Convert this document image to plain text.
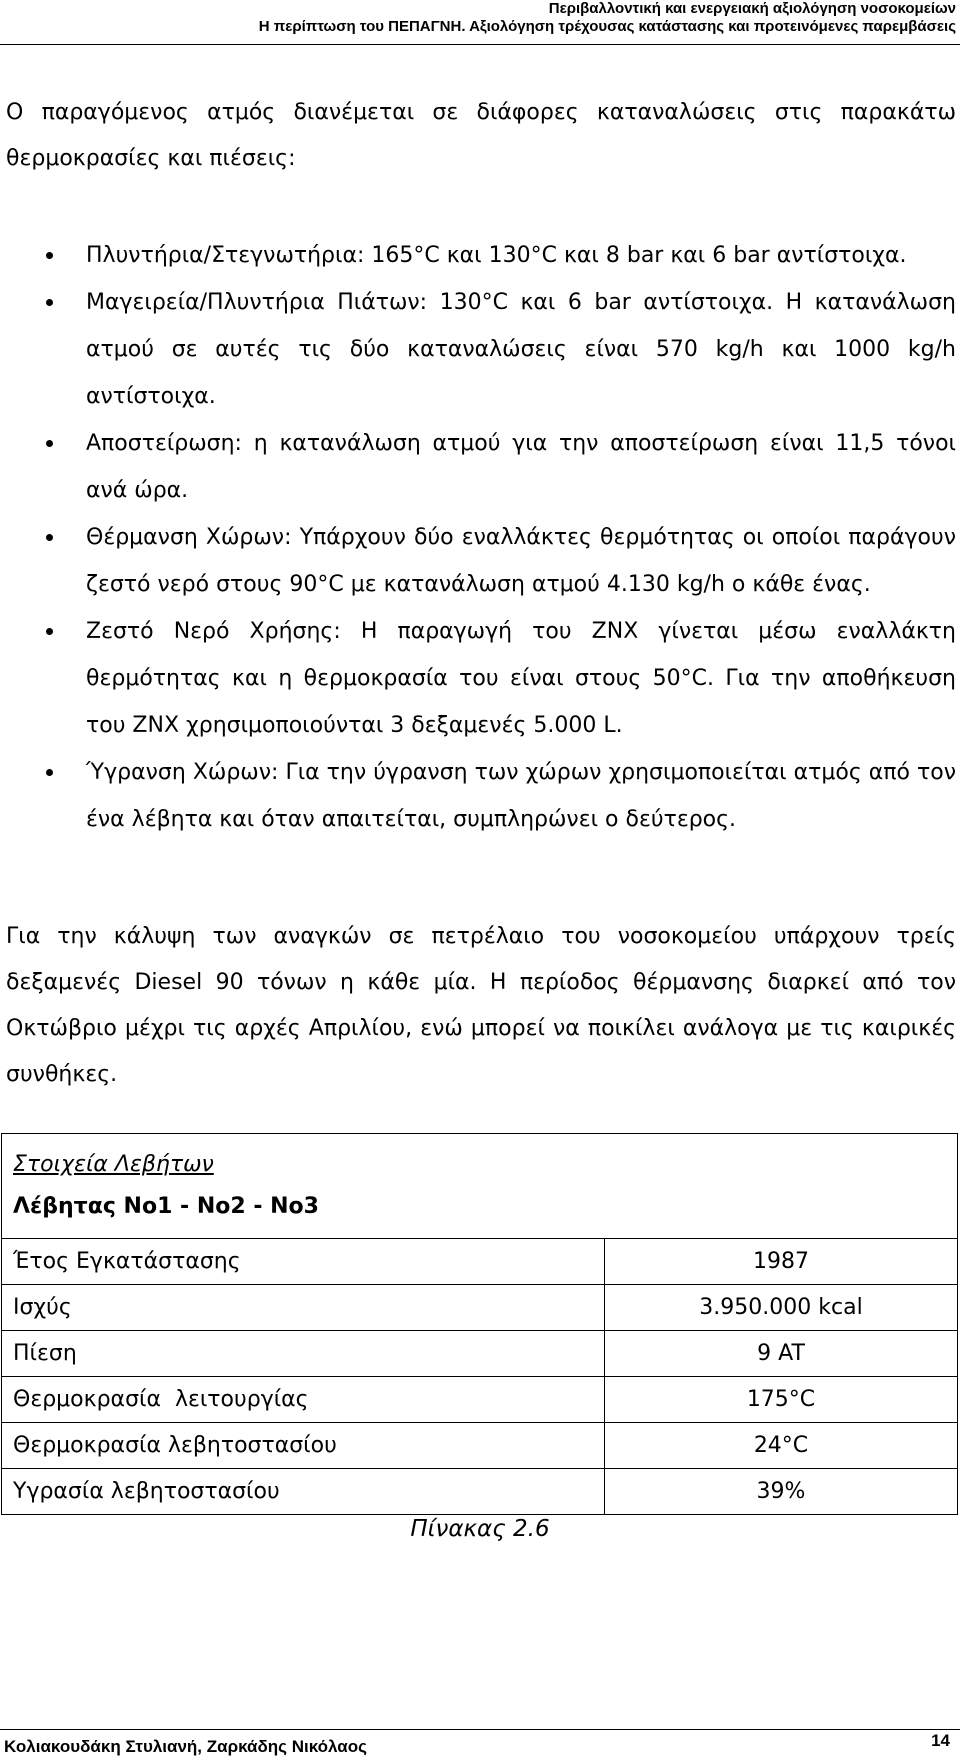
Περιβαλλοντική και ενεργειακή αξιολόγηση νοσοκομείων
Η περίπτωση του ΠΕΠΑΓΝΗ. Αξιολόγηση τρέχουσας κατάστασης και προτεινόμενες παρεμβάσεις
Ο παραγόμενος ατμός διανέμεται σε διάφορες καταναλώσεις στις παρακάτω θερμοκρασίες και πιέσεις:
Πλυντήρια/Στεγνωτήρια: 165°C και 130°C και 8 bar και 6 bar αντίστοιχα.
Μαγειρεία/Πλυντήρια Πιάτων: 130°C και 6 bar αντίστοιχα. Η κατανάλωση ατμού σε αυτές τις δύο καταναλώσεις είναι 570 kg/h και 1000 kg/h αντίστοιχα.
Αποστείρωση: η κατανάλωση ατμού για την αποστείρωση είναι 11,5 τόνοι ανά ώρα.
Θέρμανση Χώρων: Υπάρχουν δύο εναλλάκτες θερμότητας οι οποίοι παράγουν ζεστό νερό στους 90°C με κατανάλωση ατμού 4.130 kg/h ο κάθε ένας.
Ζεστό Νερό Χρήσης: Η παραγωγή του ΖΝΧ γίνεται μέσω εναλλάκτη θερμότητας και η θερμοκρασία του είναι στους 50°C. Για την αποθήκευση του ΖΝΧ χρησιμοποιούνται 3 δεξαμενές 5.000 L.
Ύγρανση Χώρων: Για την ύγρανση των χώρων χρησιμοποιείται ατμός από τον ένα λέβητα και όταν απαιτείται, συμπληρώνει ο δεύτερος.
Για την κάλυψη των αναγκών σε πετρέλαιο του νοσοκομείου υπάρχουν τρείς δεξαμενές Diesel 90 τόνων η κάθε μία. Η περίοδος θέρμανσης διαρκεί από τον Οκτώβριο μέχρι τις αρχές Απριλίου, ενώ μπορεί να ποικίλει ανάλογα με τις καιρικές συνθήκες.
Στοιχεία Λεβήτων
Λέβητας Νο1 - Νο2 - Νο3	

Έτος Εγκατάστασης	1987
Ισχύς	3.950.000 kcal
Πίεση	9 AT
Θερμοκρασία  λειτουργίας	175°C
Θερμοκρασία λεβητοστασίου	24°C
Υγρασία λεβητοστασίου	39%
Πίνακας 2.6
Κολιακουδάκη Στυλιανή, Ζαρκάδης Νικόλαος	14
